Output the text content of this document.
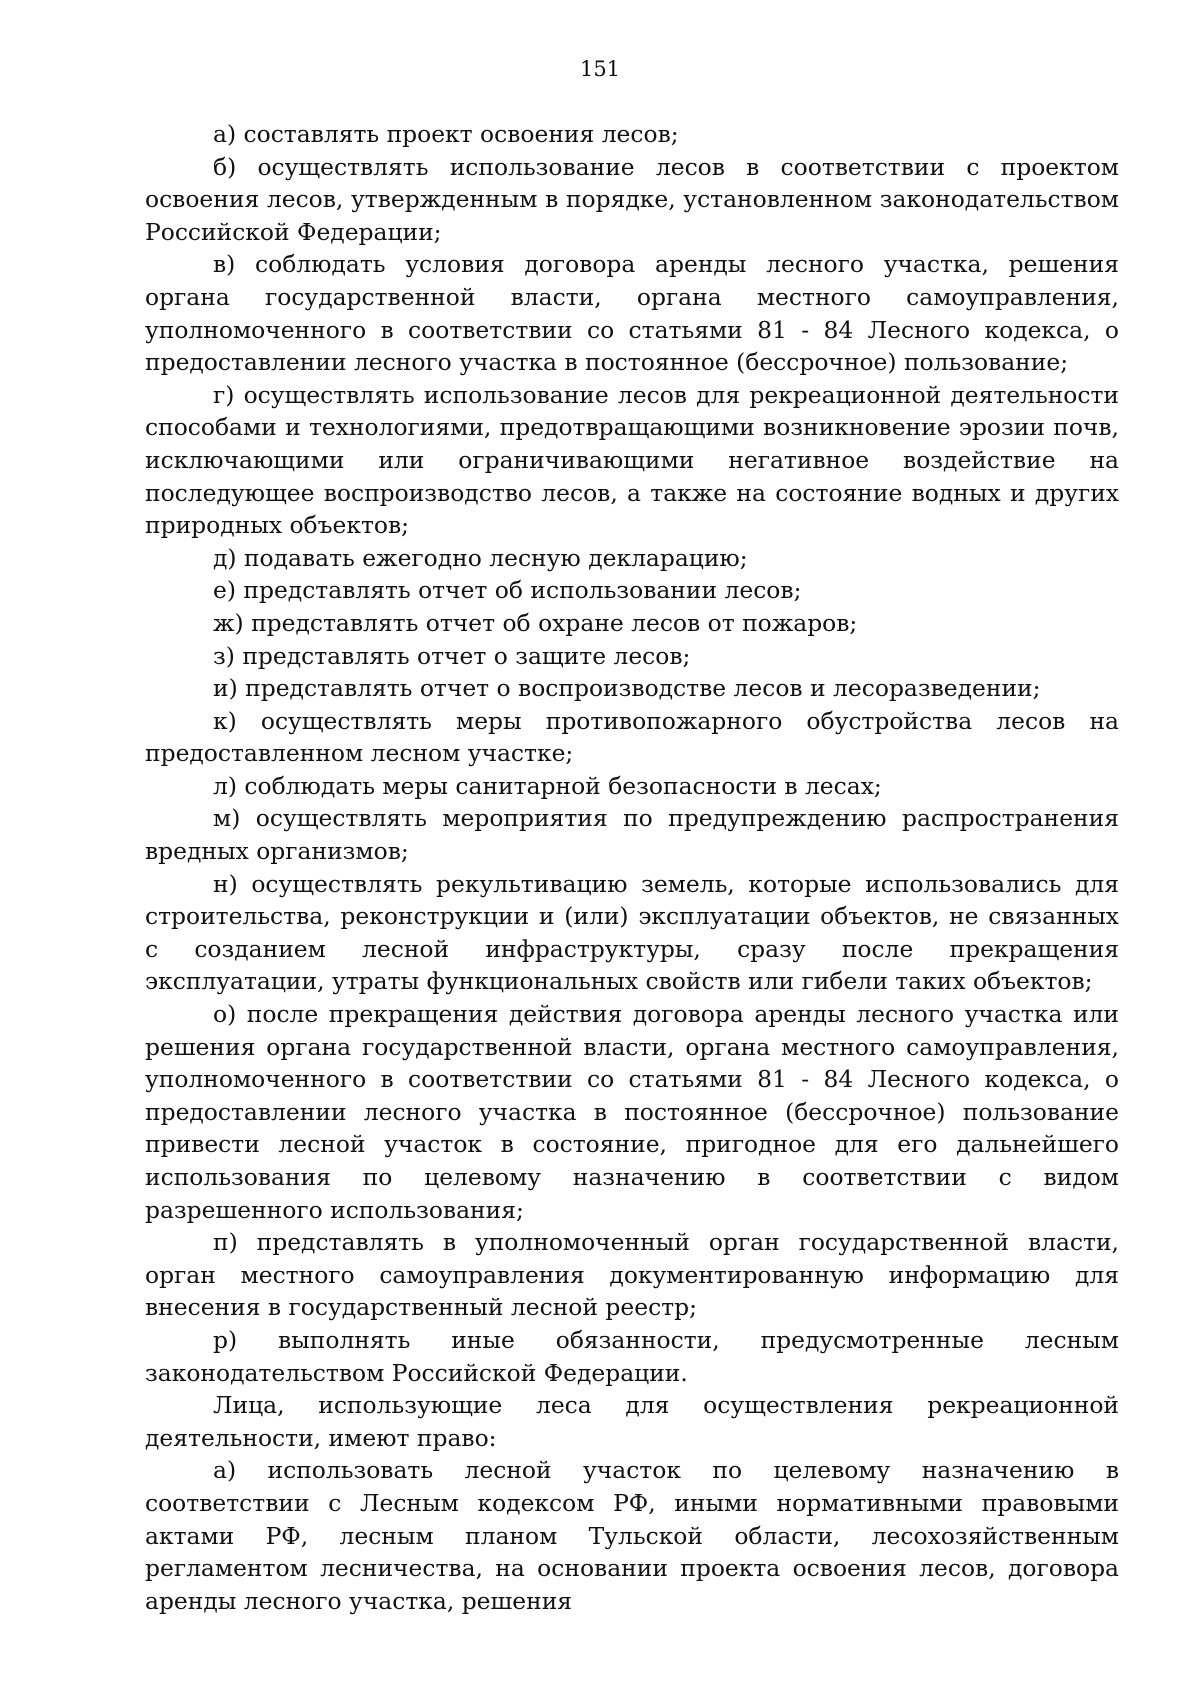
151

а) составлять проект освоения лесов;

б) осуществлять использование лесов в соответствии с проектом освоения лесов, утвержденным в порядке, установленном законодательством Российской Федерации;

в) соблюдать условия договора аренды лесного участка, решения органа государственной власти, органа местного самоуправления, уполномоченного в соответствии со статьями 81 - 84 Лесного кодекса, о предоставлении лесного участка в постоянное (бессрочное) пользование;

г) осуществлять использование лесов для рекреационной деятельности способами и технологиями, предотвращающими возникновение эрозии почв, исключающими или ограничивающими негативное воздействие на последующее воспроизводство лесов, а также на состояние водных и других природных объектов;

д) подавать ежегодно лесную декларацию;

е) представлять отчет об использовании лесов;

ж) представлять отчет об охране лесов от пожаров;

з) представлять отчет о защите лесов;

и) представлять отчет о воспроизводстве лесов и лесоразведении;

к) осуществлять меры противопожарного обустройства лесов на предоставленном лесном участке;

л) соблюдать меры санитарной безопасности в лесах;

м) осуществлять мероприятия по предупреждению распространения вредных организмов;

н) осуществлять рекультивацию земель, которые использовались для строительства, реконструкции и (или) эксплуатации объектов, не связанных с созданием лесной инфраструктуры, сразу после прекращения эксплуатации, утраты функциональных свойств или гибели таких объектов;

о) после прекращения действия договора аренды лесного участка или решения органа государственной власти, органа местного самоуправления, уполномоченного в соответствии со статьями 81 - 84 Лесного кодекса, о предоставлении лесного участка в постоянное (бессрочное) пользование привести лесной участок в состояние, пригодное для его дальнейшего использования по целевому назначению в соответствии с видом разрешенного использования;

п) представлять в уполномоченный орган государственной власти, орган местного самоуправления документированную информацию для внесения в государственный лесной реестр;

р) выполнять иные обязанности, предусмотренные лесным законодательством Российской Федерации.

Лица, использующие леса для осуществления рекреационной деятельности, имеют право:

а) использовать лесной участок по целевому назначению в соответствии с Лесным кодексом РФ, иными нормативными правовыми актами РФ, лесным планом Тульской области, лесохозяйственным регламентом лесничества, на основании проекта освоения лесов, договора аренды лесного участка, решения
